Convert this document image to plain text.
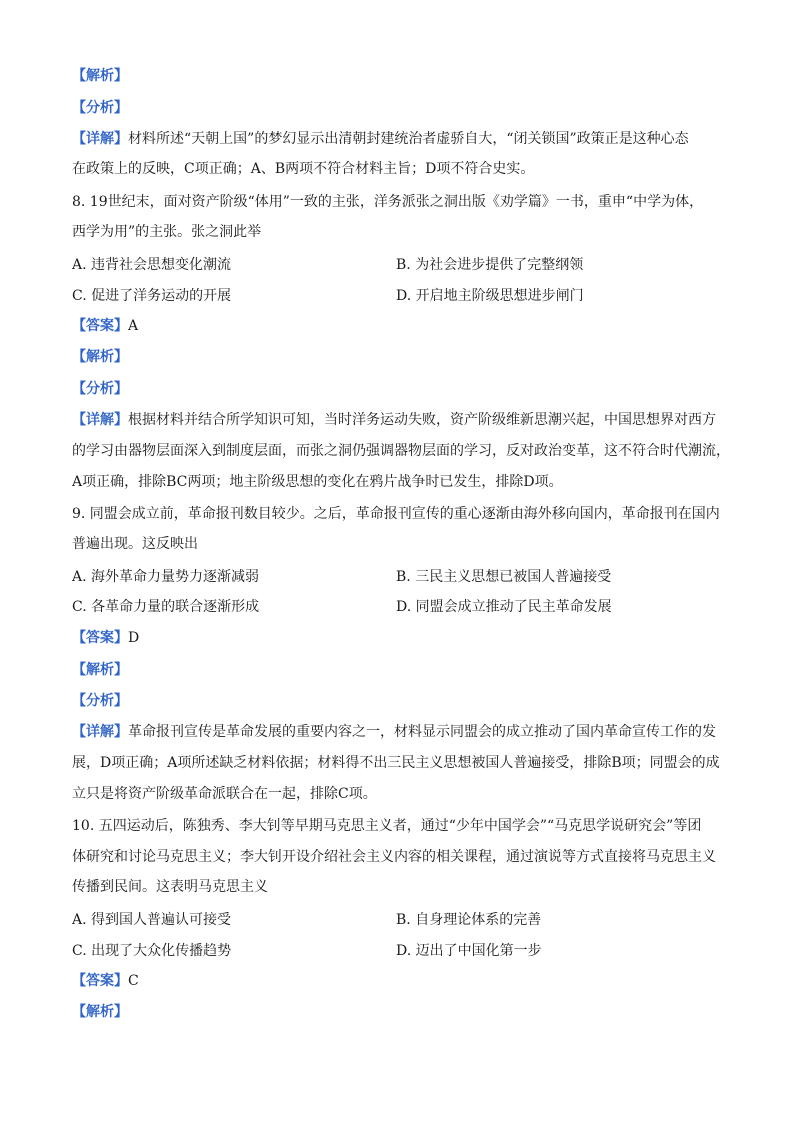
【解析】
【分析】
【详解】材料所述“天朝上国”的梦幻显示出清朝封建统治者虚骄自大，“闭关锁国”政策正是这种心态
在政策上的反映，C项正确；A、B两项不符合材料主旨；D项不符合史实。
8. 19世纪末，面对资产阶级“体用”一致的主张，洋务派张之洞出版《劝学篇》一书，重申“中学为体，
西学为用”的主张。张之洞此举
A. 违背社会思想变化潮流	B. 为社会进步提供了完整纲领
C. 促进了洋务运动的开展	D. 开启地主阶级思想进步闸门
【答案】A
【解析】
【分析】
【详解】根据材料并结合所学知识可知，当时洋务运动失败，资产阶级维新思潮兴起，中国思想界对西方
的学习由器物层面深入到制度层面，而张之洞仍强调器物层面的学习，反对政治变革，这不符合时代潮流，
A项正确，排除BC两项；地主阶级思想的变化在鸦片战争时已发生，排除D项。
9. 同盟会成立前，革命报刊数目较少。之后，革命报刊宣传的重心逐渐由海外移向国内，革命报刊在国内
普遍出现。这反映出
A. 海外革命力量势力逐渐减弱	B. 三民主义思想已被国人普遍接受
C. 各革命力量的联合逐渐形成	D. 同盟会成立推动了民主革命发展
【答案】D
【解析】
【分析】
【详解】革命报刊宣传是革命发展的重要内容之一，材料显示同盟会的成立推动了国内革命宣传工作的发
展，D项正确；A项所述缺乏材料依据；材料得不出三民主义思想被国人普遍接受，排除B项；同盟会的成
立只是将资产阶级革命派联合在一起，排除C项。
10. 五四运动后，陈独秀、李大钊等早期马克思主义者，通过“少年中国学会”“马克思学说研究会”等团
体研究和讨论马克思主义；李大钊开设介绍社会主义内容的相关课程，通过演说等方式直接将马克思主义
传播到民间。这表明马克思主义
A. 得到国人普遍认可接受	B. 自身理论体系的完善
C. 出现了大众化传播趋势	D. 迈出了中国化第一步
【答案】C
【解析】
